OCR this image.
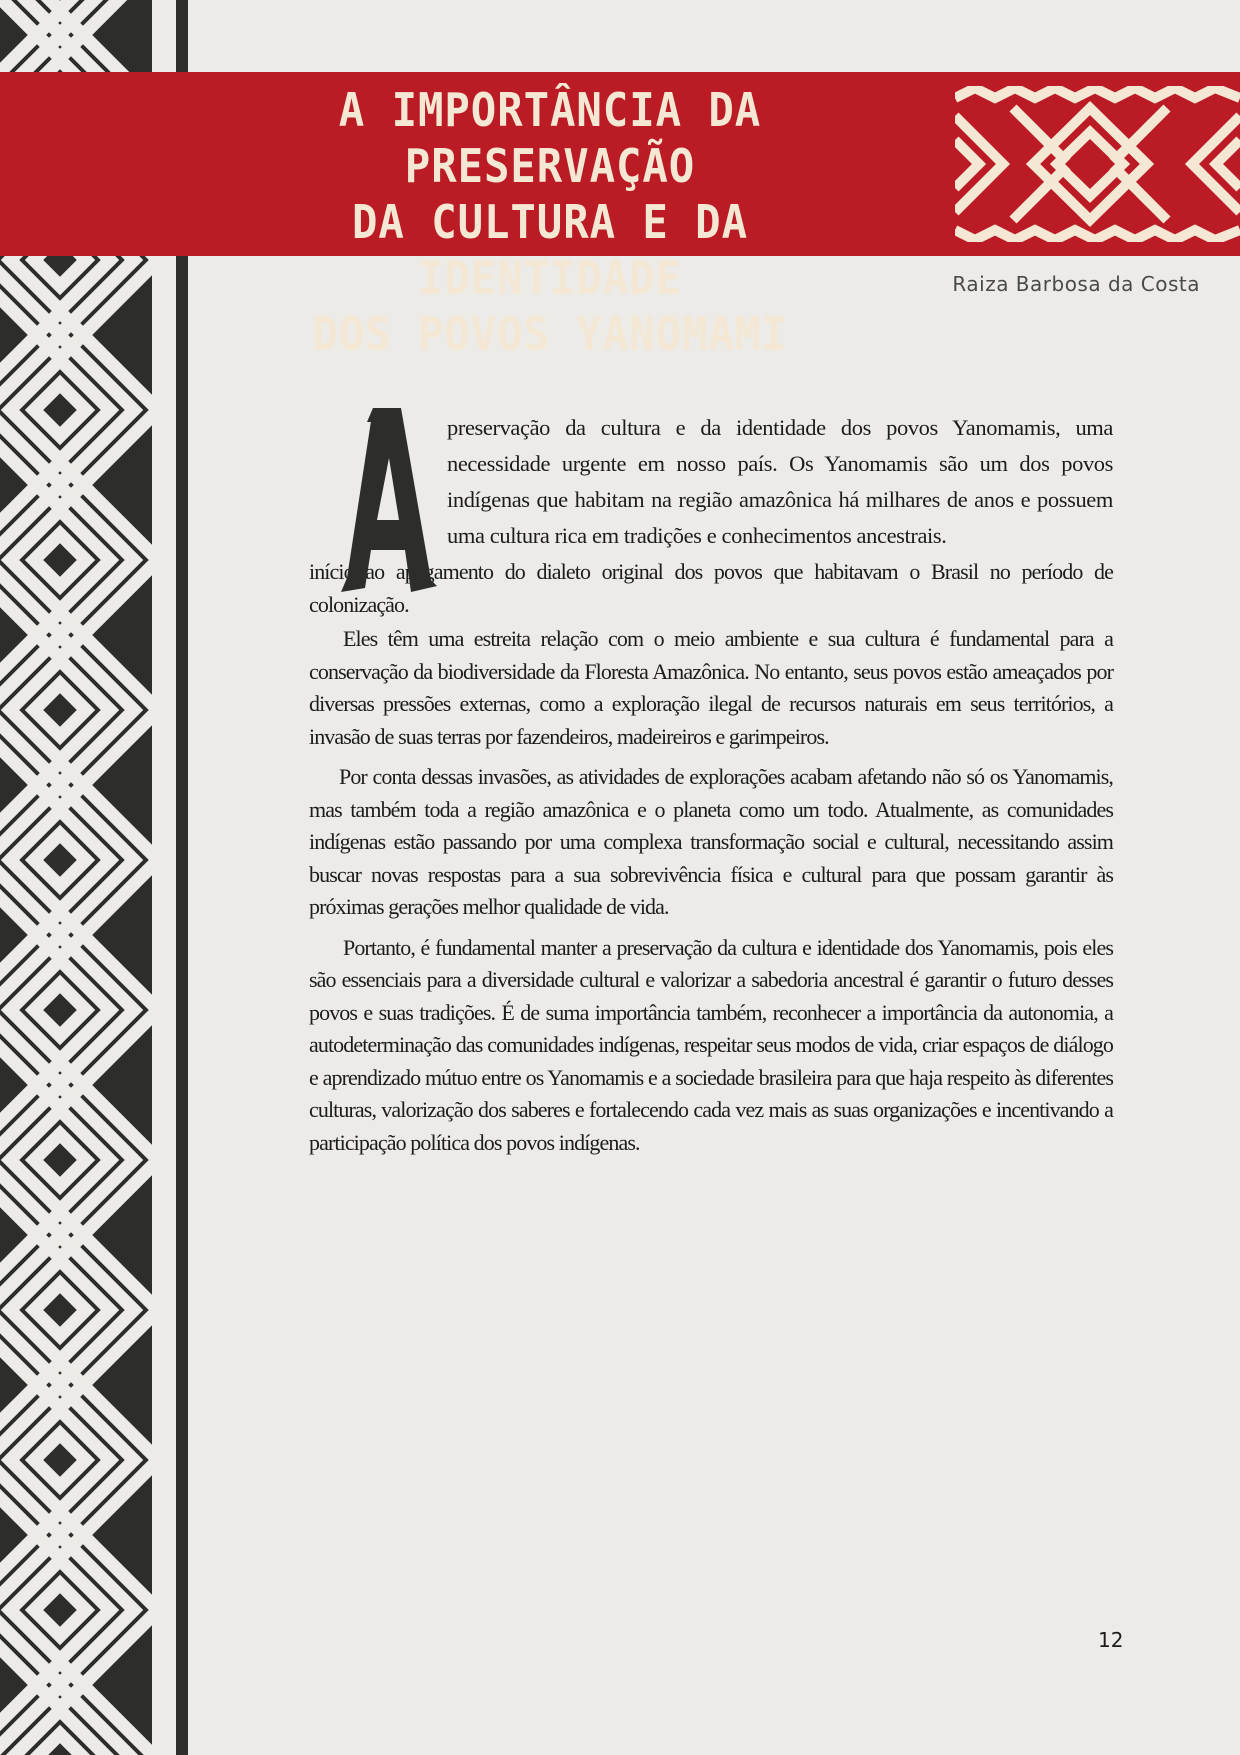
A IMPORTÂNCIA DA PRESERVAÇÃO
DA CULTURA E DA IDENTIDADE
DOS POVOS YANOMAMI

Raiza Barbosa da Costa

preservação da cultura e da identidade dos povos Yanomamis, uma necessidade urgente em nosso país. Os Yanomamis são um dos povos indígenas que habitam na região amazônica há milhares de anos e possuem uma cultura rica em tradições e conhecimentos ancestrais.

início ao apagamento do dialeto original dos povos que habitavam o Brasil no período de colonização.

Eles têm uma estreita relação com o meio ambiente e sua cultura é fundamental para a conservação da biodiversidade da Floresta Amazônica. No entanto, seus povos estão ameaçados por diversas pressões externas, como a exploração ilegal de recursos naturais em seus territórios, a invasão de suas terras por fazendeiros, madeireiros e garimpeiros.

Por conta dessas invasões, as atividades de explorações acabam afetando não só os Yanomamis, mas também toda a região amazônica e o planeta como um todo. Atualmente, as comunidades indígenas estão passando por uma complexa transformação social e cultural, necessitando assim buscar novas respostas para a sua sobrevivência física e cultural para que possam garantir às próximas gerações melhor qualidade de vida.

Portanto, é fundamental manter a preservação da cultura e identidade dos Yanomamis, pois eles são essenciais para a diversidade cultural e valorizar a sabedoria ancestral é garantir o futuro desses povos e suas tradições. É de suma importância também, reconhecer a importância da autonomia, a autodeterminação das comunidades indígenas, respeitar seus modos de vida, criar espaços de diálogo e aprendizado mútuo entre os Yanomamis e a sociedade brasileira para que haja respeito às diferentes culturas, valorização dos saberes e fortalecendo cada vez mais as suas organizações e incentivando a participação política dos povos indígenas.

12
